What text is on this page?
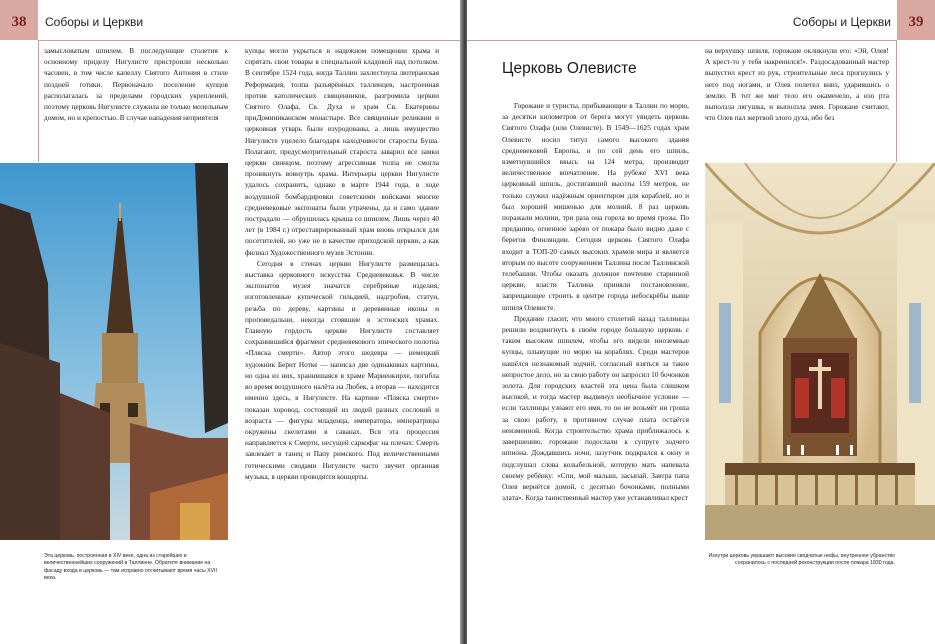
38	Соборы и Церкви

замысловатым шпилем. В последующие столетия к основному приделу Нигулисте пристроили несколько часовен, в том числе капеллу Святого Антония в стиле поздней готики. Первоначало поселение купцов располагалась за пределами городских укреплений, поэтому церковь Нигулисте служила не только молельным домом, но и крепостью. В случае нападения неприятеля

Эта церковь, построенная в XIV веке, одна из старейших и величественнейших сооружений в Таллинне. Обратите внимание на фасаду входа в церковь — там исправно отсчитывают время часы XVII века.

купцы могли укрыться в надежном помещении храма и спрятать свои товары в специальной кладовой над потолком. В сентябре 1524 года, когда Таллин захлестнула лютеранская Реформация, толпа разъярённых таллинцев, настроенная против католических священников, разгромила церкви Святого Олафа, Св. Духа и храм Св. Екатерины приДоминиканском монастыре. Все священные реликвии и церковная утварь были изуродованы, а лишь имущество Нигулисте уцелело благодаря находчивости старосты Буша. Полагают, предусмотрительный староста заварил все замки церкви свинцом, поэтому агрессивная толпа не смогла проникнуть вовнутрь храма. Интерьеры церкви Нигулисте удалось сохранить, однако в марте 1944 года, в ходе воздушной бомбардировки советскими войсками многие средневековые экспонаты были утрачены, да и само здание пострадало — обрушилась крыша со шпилем. Лишь через 40 лет (в 1984 г.) отреставрированный храм вновь открылся для посетителей, но уже не в качестве приходской церкви, а как филиал Художественного музея Эстонии.

Сегодня в стенах церкви Нигулисте размещалась выставка церковного искусства Средневековья. В числе экспонатов музея значатся серебряные изделия, изготовленные купеческой гильдией, надгробия, статуи, резьба по дереву, картины и деревянные иконы и проповедальни, некогда стоявшие в эстонских храмах. Главную гордость церкви Нигулисте составляет сохранившийся фрагмент средневекового эпического полотна «Пляска смерти». Автор этого шедевра — немецкий художник Бернт Нотке — написал две одинаковых картины, но одна из них, хранившаяся в храме Мариенкирхе, погибла во время воздушного налёта на Любек, а вторая — находится именно здесь, в Нигулисте. На картине «Пляска смерти» показан хоровод, состоящий из людей разных сословий и возраста — фигуры младенца, императора, императрицы окружены скелетами в саванах. Вся эта процессия направляется к Смерти, несущей саркофаг на плечах: Смерть завлекает в танец и Папу римского. Под величественными готическими сводами Нигулисте часто звучит органная музыка, в церкви проводятся концерты.

Соборы и Церкви	39
Церковь Олевисте

Горожане и туристы, прибывающие в Таллин по морю, за десятки километров от берега могут увидеть церковь Святого Олафа (или Олевисте). В 1549—1625 годах храм Олевисте носил титул самого высокого здания средневековой Европы, и по сей день его шпиль, взметнувшийся ввысь на 124 метра, производит величественное впечатление. На рубеже XVI века церковный шпиль, достигавший высоты 159 метров, не только служил надёжным ориентиром для кораблей, но и был хорошей мишенью для молний. 8 раз церковь поражали молнии, три раза она горела во время грозы. По преданию, огненное зарево от пожара было видно даже с берегов Финляндии. Сегодня церковь Святого Олафа входит в ТОП-20 самых высоких храмов мира и является вторым по высоте сооружением Таллина после Таллинской телебашни. Чтобы оказать должное почтение старинной церкви, власти Таллина приняли постановление, запрещающее строить в центре города небоскрёбы выше шпиля Олевисте.

Предание гласит, что много столетий назад таллинцы решили воздвигнуть в своём городе большую церковь с таким высоким шпилем, чтобы его видели иноземные купцы, плывущие по морю на кораблях. Среди мастеров нашёлся незнакомый зодчий, согласный взяться за такое непростое дело, но за свою работу он запросил 10 бочонков золота. Для городских властей эта цена была слишком высокой, и тогда мастер выдвинул необычное условие — если таллинцы узнают его имя, то он не возьмёт ни гроша за свою работу, в противном случае плата остаётся неизменной. Когда строительство храма приближалось к завершению, горожане подослали к супруге зодчего шпиона. Дождавшись ночи, лазутчик подкрался к окну и подслушал слова колыбельной, которую мать напевала своему ребёнку: «Спи, мой малыш, засыпай. Завтра папа Олев вернётся домой, с десятью бочонками, полными злата». Когда таинственный мастер уже устанавливал крест

на верхушку шпиля, горожане окликнули его: «Эй, Олев! А крест-то у тебя накренился!». Раздосадованный мастер выпустил крест из рук, строительные леса прогнулись у него под ногами, и Олев полетел вниз, ударившись о землю. В тот же миг тело его окаменело, а изо рта выползла лягушка, и выползла змея. Горожане считают, что Олев пал жертвой злого духа, ибо без

Изнутри церковь украшают высокие сводчатые нефы, внутреннее убранство сохранилось с последней реконструкции после пожара 1830 года.
